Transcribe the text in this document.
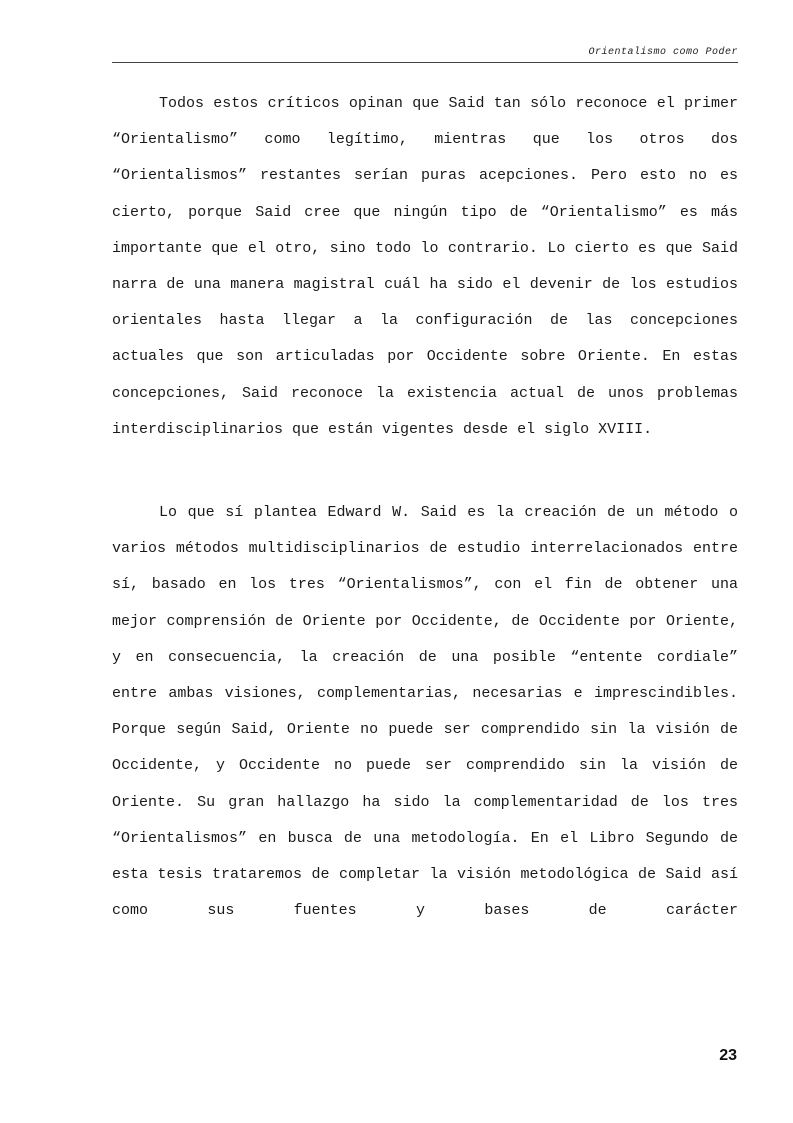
Orientalismo como Poder

Todos estos críticos opinan que Said tan sólo reconoce el primer “Orientalismo” como legítimo, mientras que los otros dos “Orientalismos” restantes serían puras acepciones. Pero esto no es cierto, porque Said cree que ningún tipo de “Orientalismo” es más importante que el otro, sino todo lo contrario. Lo cierto es que Said narra de una manera magistral cuál ha sido el devenir de los estudios orientales hasta llegar a la configuración de las concepciones actuales que son articuladas por Occidente sobre Oriente. En estas concepciones, Said reconoce la existencia actual de unos problemas interdisciplinarios que están vigentes desde el siglo XVIII.

Lo que sí plantea Edward W. Said es la creación de un método o varios métodos multidisciplinarios de estudio interrelacionados entre sí, basado en los tres “Orientalismos”, con el fin de obtener una mejor comprensión de Oriente por Occidente, de Occidente por Oriente, y en consecuencia, la creación de una posible “entente cordiale” entre ambas visiones, complementarias, necesarias e imprescindibles. Porque según Said, Oriente no puede ser comprendido sin la visión de Occidente, y Occidente no puede ser comprendido sin la visión de Oriente. Su gran hallazgo ha sido la complementaridad de los tres “Orientalismos” en busca de una metodología. En el Libro Segundo de esta tesis trataremos de completar la visión metodológica de Said así como sus fuentes y bases de carácter

23
